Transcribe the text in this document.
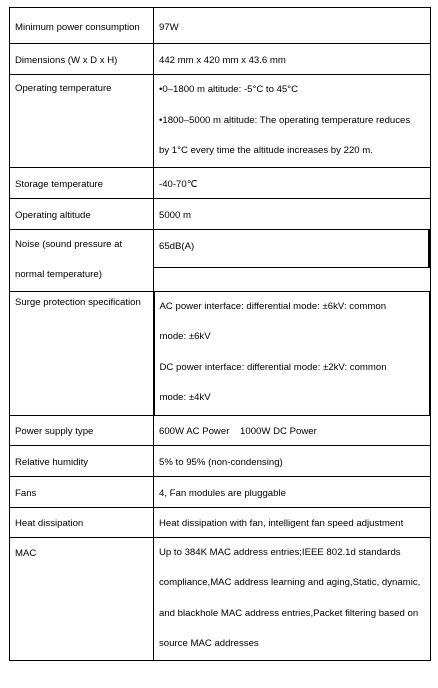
Minimum power consumption	97W
Dimensions (W x D x H)	442 mm x 420 mm x 43.6 mm
Operating temperature	• 0–1800 m altitude: -5°C to 45°C
• 1800–5000 m altitude: The operating temperature reduces
by 1°C every time the altitude increases by 220 m.

Storage temperature	-40-70℃
Operating altitude	5000 m

Noise (sound pressure at
normal temperature)	65dB(A)

Surge protection specification	AC power interface: differential mode: ±6kV: common
mode: ±6kV
DC power interface: differential mode: ±2kV: common
mode: ±4kV

Power supply type	600W AC Power    1000W DC Power
Relative humidity	5% to 95% (non-condensing)
Fans	4, Fan modules are pluggable
Heat dissipation	Heat dissipation with fan, intelligent fan speed adjustment
MAC	Up to 384K MAC address entries;IEEE 802.1d standards
compliance,MAC address learning and aging,Static, dynamic,
and blackhole MAC address entries,Packet filtering based on
source MAC addresses
